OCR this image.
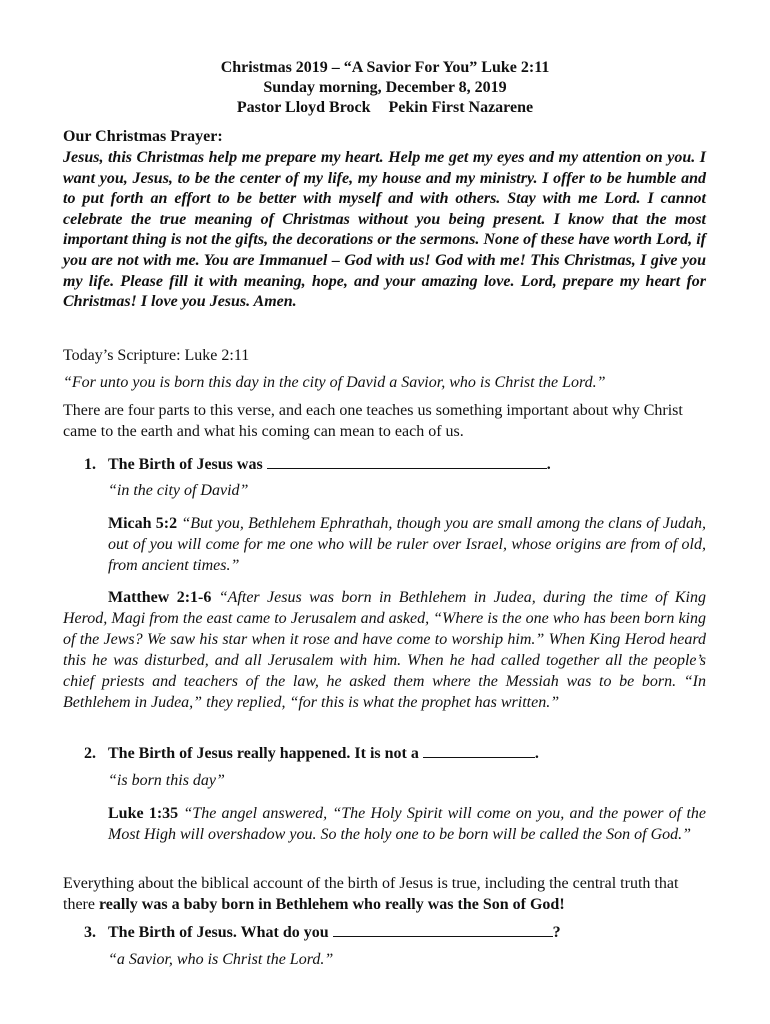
Christmas 2019 – “A Savior For You” Luke 2:11
Sunday morning, December 8, 2019
Pastor Lloyd Brock Pekin First Nazarene
Our Christmas Prayer:
Jesus, this Christmas help me prepare my heart. Help me get my eyes and my attention on you. I want you, Jesus, to be the center of my life, my house and my ministry. I offer to be humble and to put forth an effort to be better with myself and with others. Stay with me Lord. I cannot celebrate the true meaning of Christmas without you being present. I know that the most important thing is not the gifts, the decorations or the sermons. None of these have worth Lord, if you are not with me. You are Immanuel – God with us! God with me! This Christmas, I give you my life. Please fill it with meaning, hope, and your amazing love. Lord, prepare my heart for Christmas! I love you Jesus. Amen.
Today’s Scripture: Luke 2:11
“For unto you is born this day in the city of David a Savior, who is Christ the Lord.”
There are four parts to this verse, and each one teaches us something important about why Christ came to the earth and what his coming can mean to each of us.
1. The Birth of Jesus was	.
“in the city of David”
Micah 5:2 “But you, Bethlehem Ephrathah, though you are small among the clans of Judah, out of you will come for me one who will be ruler over Israel, whose origins are from of old, from ancient times.”
Matthew 2:1-6 “After Jesus was born in Bethlehem in Judea, during the time of King Herod, Magi from the east came to Jerusalem and asked, “Where is the one who has been born king of the Jews? We saw his star when it rose and have come to worship him.” When King Herod heard this he was disturbed, and all Jerusalem with him. When he had called together all the people’s chief priests and teachers of the law, he asked them where the Messiah was to be born. “In Bethlehem in Judea,” they replied, “for this is what the prophet has written.”
2. The Birth of Jesus really happened. It is not a	.
“is born this day”
Luke 1:35 “The angel answered, “The Holy Spirit will come on you, and the power of the Most High will overshadow you. So the holy one to be born will be called the Son of God.”
Everything about the biblical account of the birth of Jesus is true, including the central truth that there really was a baby born in Bethlehem who really was the Son of God!
3. The Birth of Jesus. What do you	?
“a Savior, who is Christ the Lord.”
